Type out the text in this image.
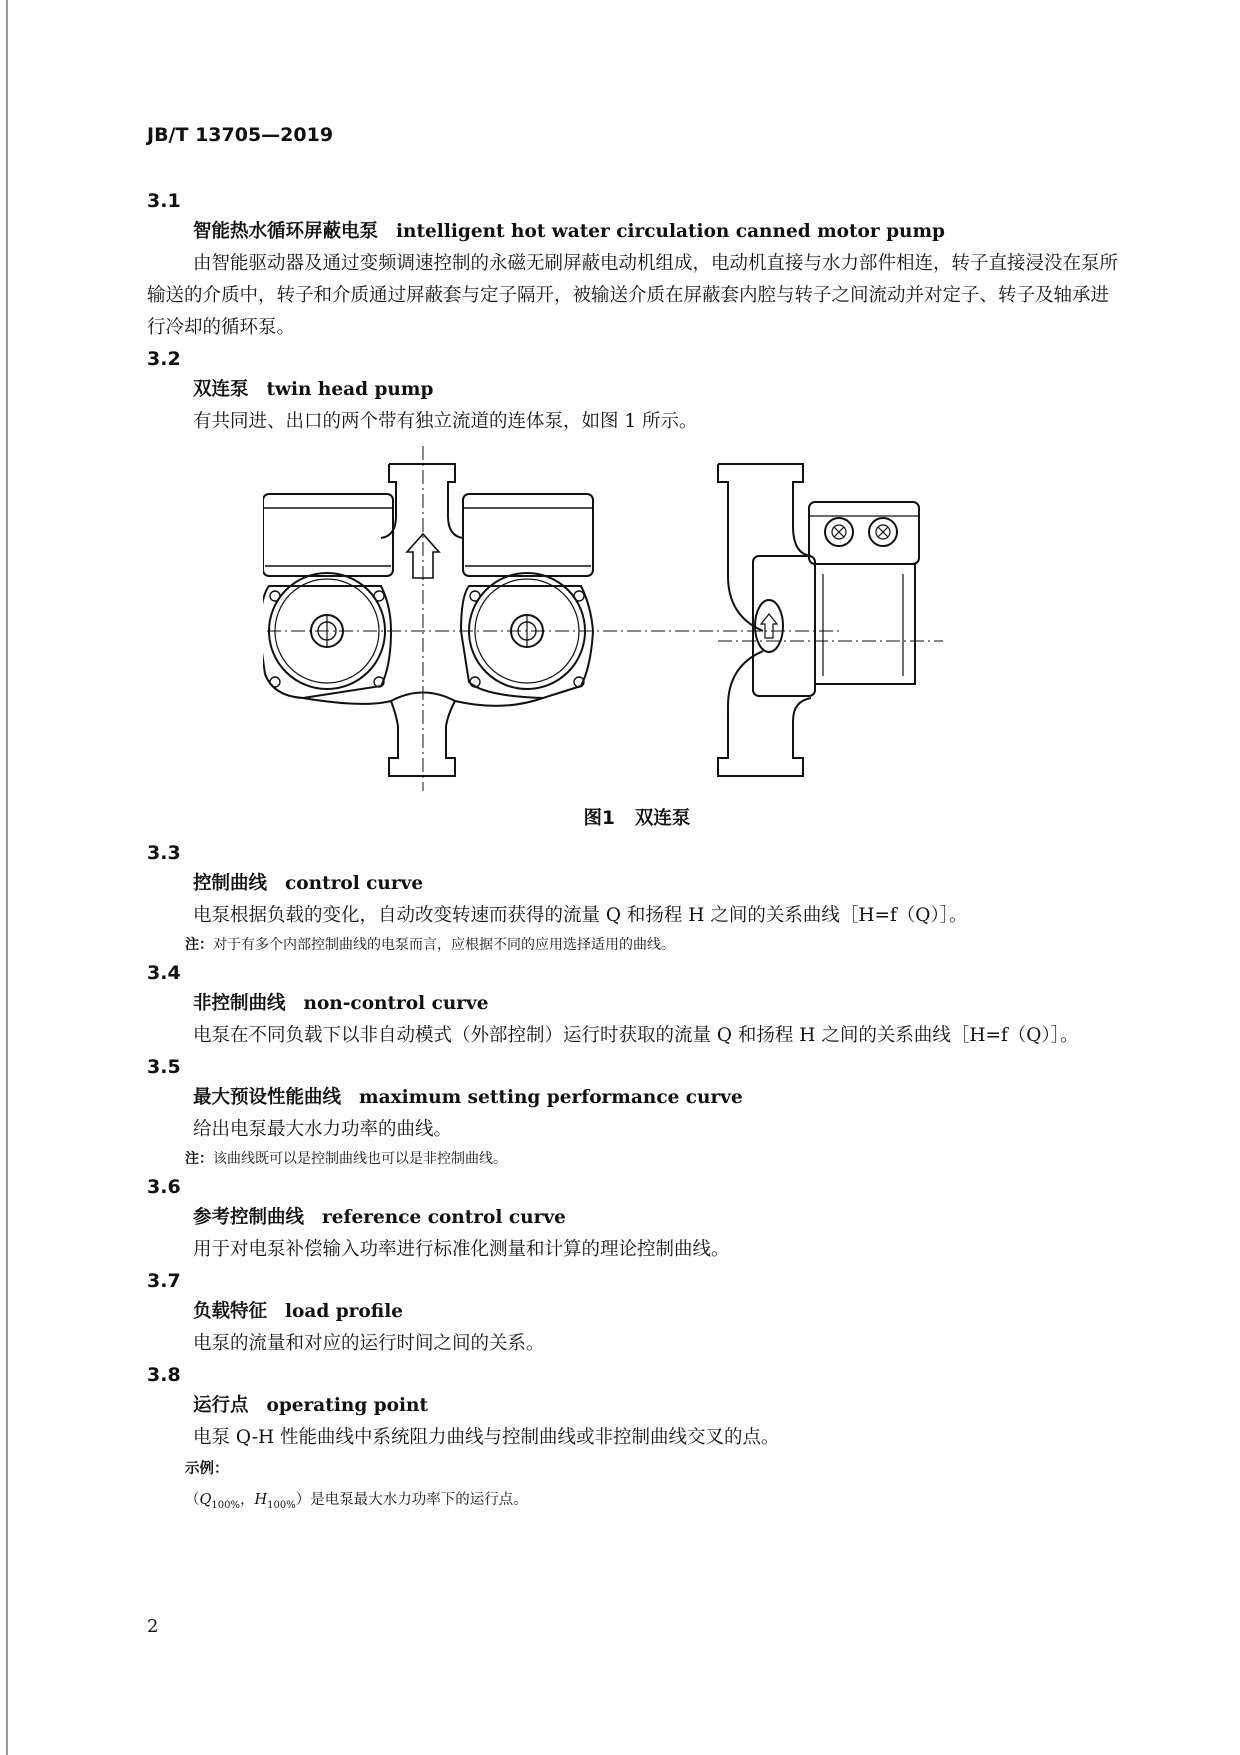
JB/T 13705—2019

3.1

智能热水循环屏蔽电泵 intelligent hot water circulation canned motor pump

由智能驱动器及通过变频调速控制的永磁无刷屏蔽电动机组成，电动机直接与水力部件相连，转子直接浸没在泵所输送的介质中，转子和介质通过屏蔽套与定子隔开，被输送介质在屏蔽套内腔与转子之间流动并对定子、转子及轴承进行冷却的循环泵。

3.2

双连泵 twin head pump

有共同进、出口的两个带有独立流道的连体泵，如图 1 所示。

图1 双连泵

3.3

控制曲线 control curve

电泵根据负载的变化，自动改变转速而获得的流量 Q 和扬程 H 之间的关系曲线［H=f（Q）］。

注：对于有多个内部控制曲线的电泵而言，应根据不同的应用选择适用的曲线。

3.4

非控制曲线 non-control curve

电泵在不同负载下以非自动模式（外部控制）运行时获取的流量 Q 和扬程 H 之间的关系曲线［H=f（Q）］。

3.5

最大预设性能曲线 maximum setting performance curve

给出电泵最大水力功率的曲线。

注：该曲线既可以是控制曲线也可以是非控制曲线。

3.6

参考控制曲线 reference control curve

用于对电泵补偿输入功率进行标准化测量和计算的理论控制曲线。

3.7

负载特征 load profile

电泵的流量和对应的运行时间之间的关系。

3.8

运行点 operating point

电泵 Q-H 性能曲线中系统阻力曲线与控制曲线或非控制曲线交叉的点。

示例：

（$Q_{100\%}$，$H_{100\%}$）是电泵最大水力功率下的运行点。

2
